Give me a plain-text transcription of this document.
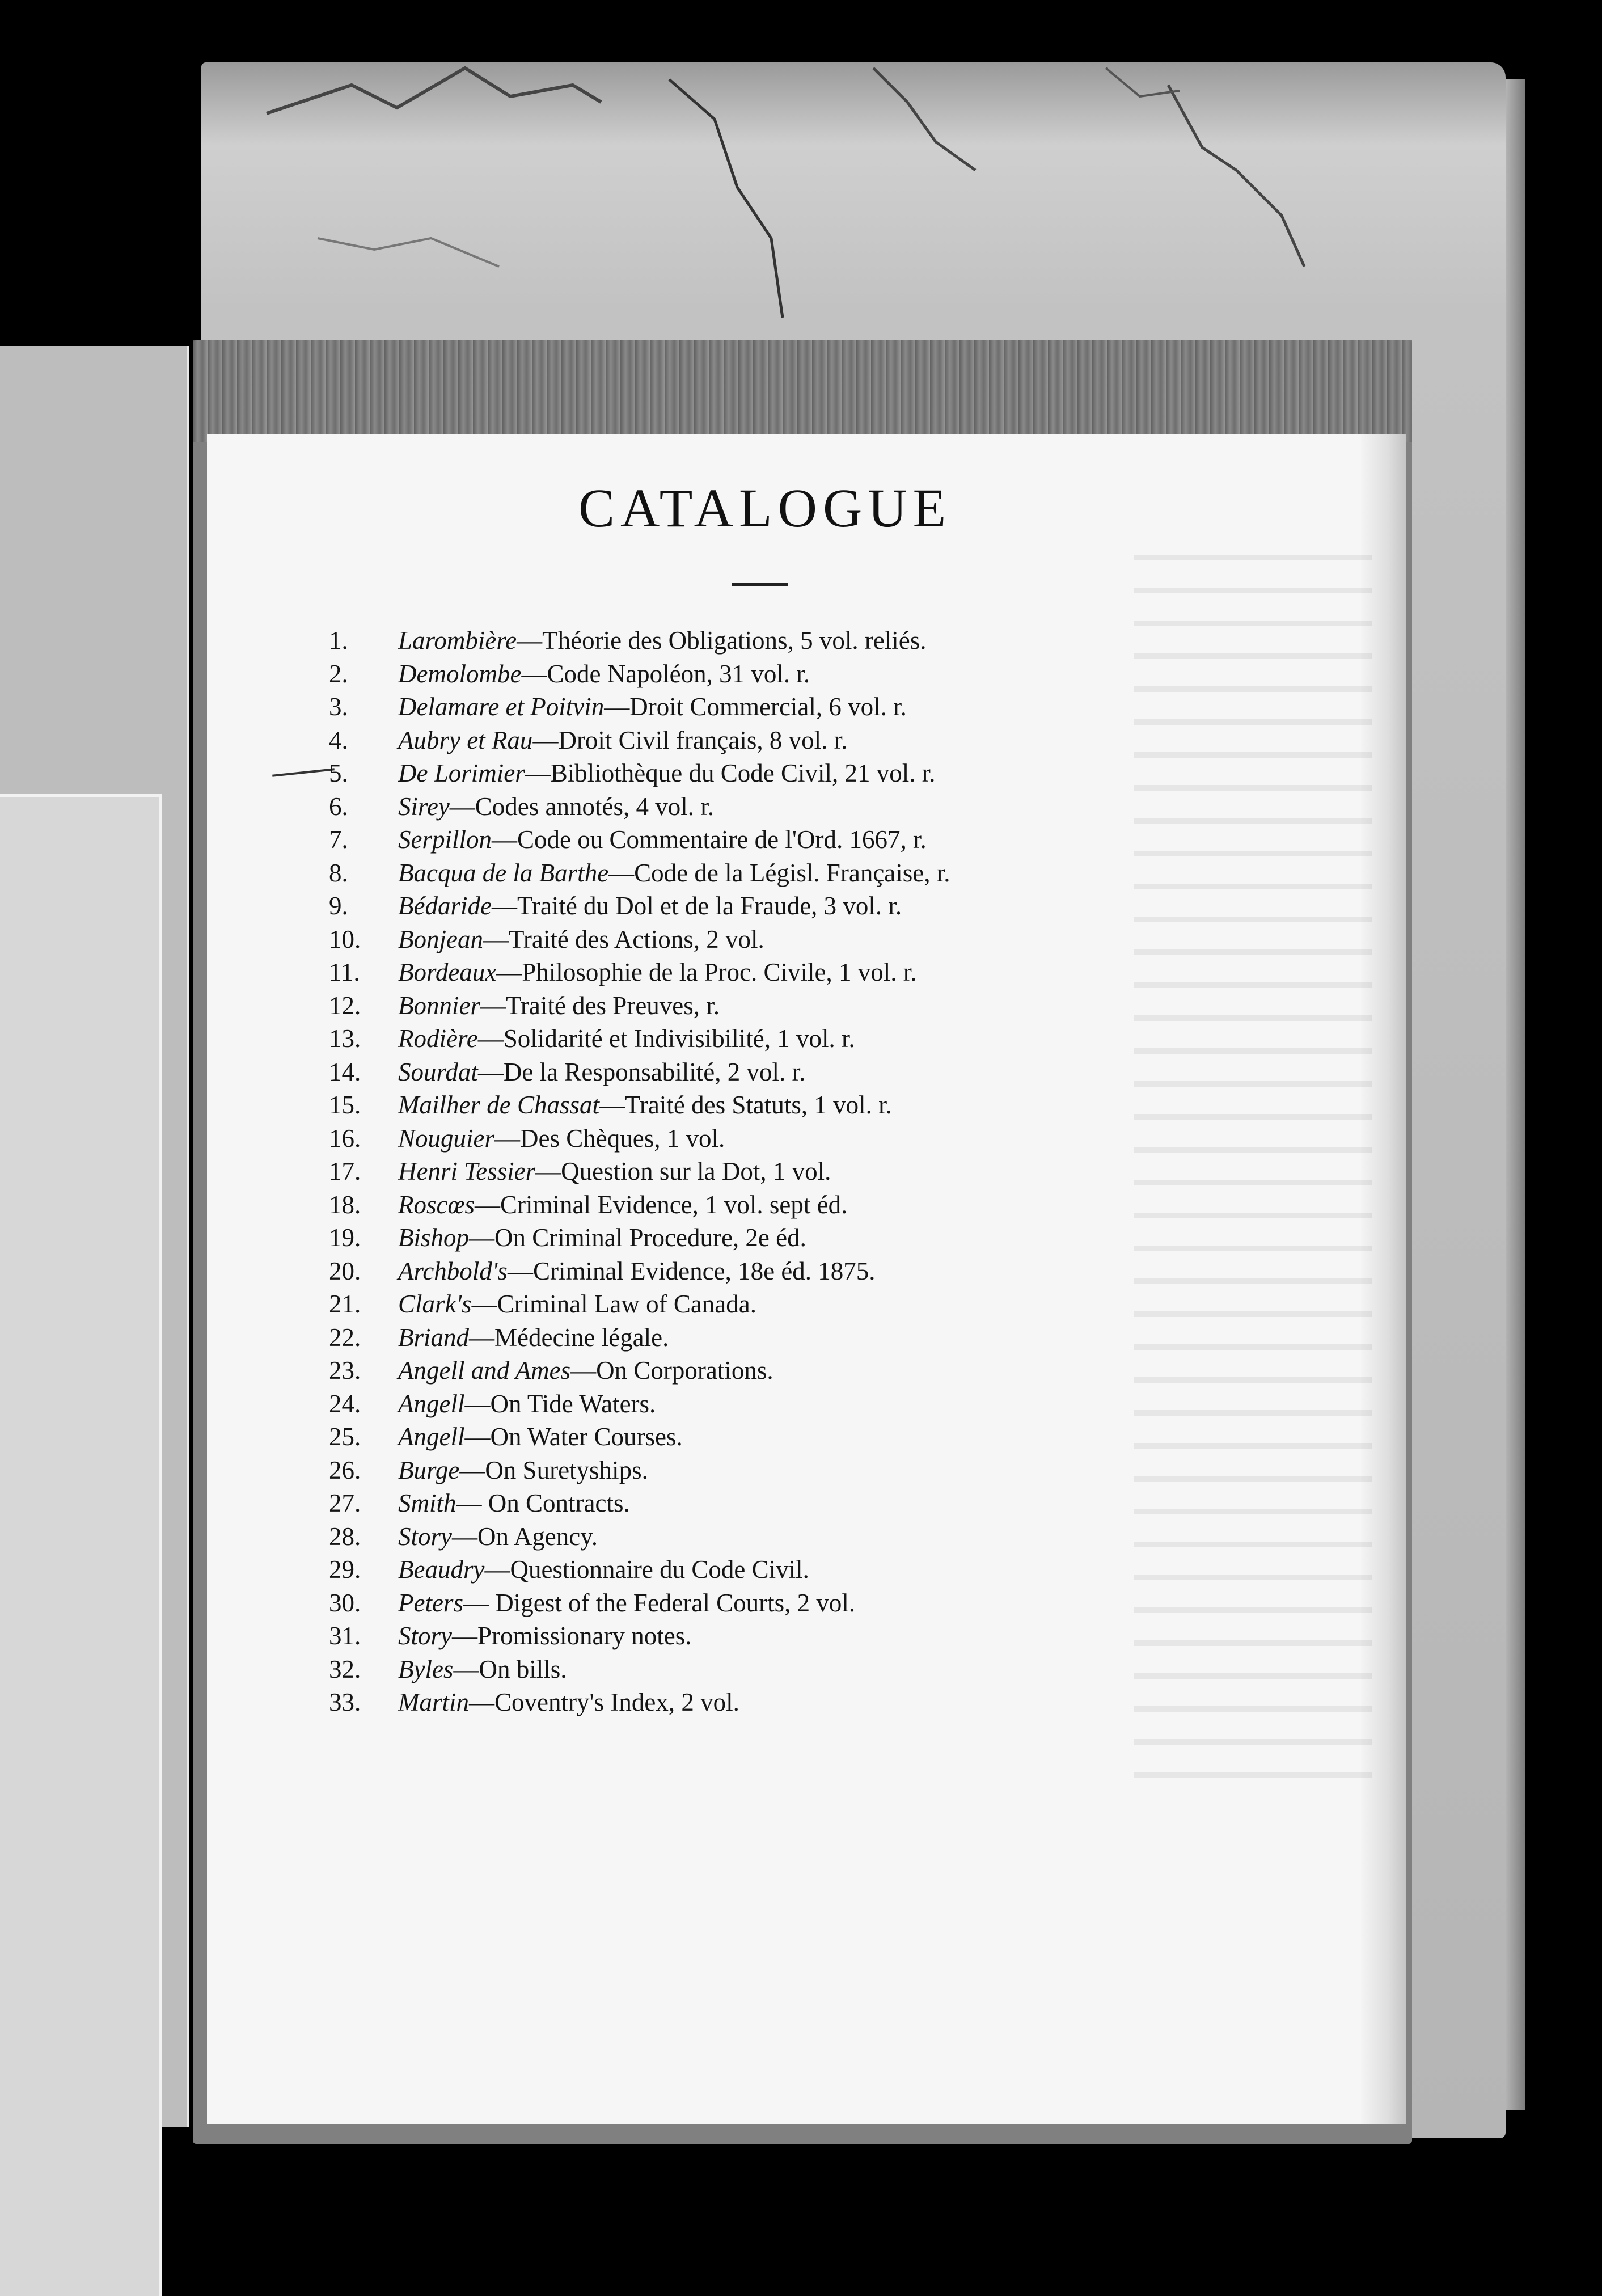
CATALOGUE
1.	Larombière—Théorie des Obligations, 5 vol. reliés.
2.	Demolombe—Code Napoléon, 31 vol. r.
3.	Delamare et Poitvin—Droit Commercial, 6 vol. r.
4.	Aubry et Rau—Droit Civil français, 8 vol. r.
5.	De Lorimier—Bibliothèque du Code Civil, 21 vol. r.
6.	Sirey—Codes annotés, 4 vol. r.
7.	Serpillon—Code ou Commentaire de l'Ord. 1667, r.
8.	Bacqua de la Barthe—Code de la Législ. Française, r.
9.	Bédaride—Traité du Dol et de la Fraude, 3 vol. r.
10.	Bonjean—Traité des Actions, 2 vol.
11.	Bordeaux—Philosophie de la Proc. Civile, 1 vol. r.
12.	Bonnier—Traité des Preuves, r.
13.	Rodière—Solidarité et Indivisibilité, 1 vol. r.
14.	Sourdat—De la Responsabilité, 2 vol. r.
15.	Mailher de Chassat—Traité des Statuts, 1 vol. r.
16.	Nouguier—Des Chèques, 1 vol.
17.	Henri Tessier—Question sur la Dot, 1 vol.
18.	Roscœs—Criminal Evidence, 1 vol. sept éd.
19.	Bishop—On Criminal Procedure, 2e éd.
20.	Archbold's—Criminal Evidence, 18e éd. 1875.
21.	Clark's—Criminal Law of Canada.
22.	Briand—Médecine légale.
23.	Angell and Ames—On Corporations.
24.	Angell—On Tide Waters.
25.	Angell—On Water Courses.
26.	Burge—On Suretyships.
27.	Smith— On Contracts.
28.	Story—On Agency.
29.	Beaudry—Questionnaire du Code Civil.
30.	Peters— Digest of the Federal Courts, 2 vol.
31.	Story—Promissionary notes.
32.	Byles—On bills.
33.	Martin—Coventry's Index, 2 vol.
